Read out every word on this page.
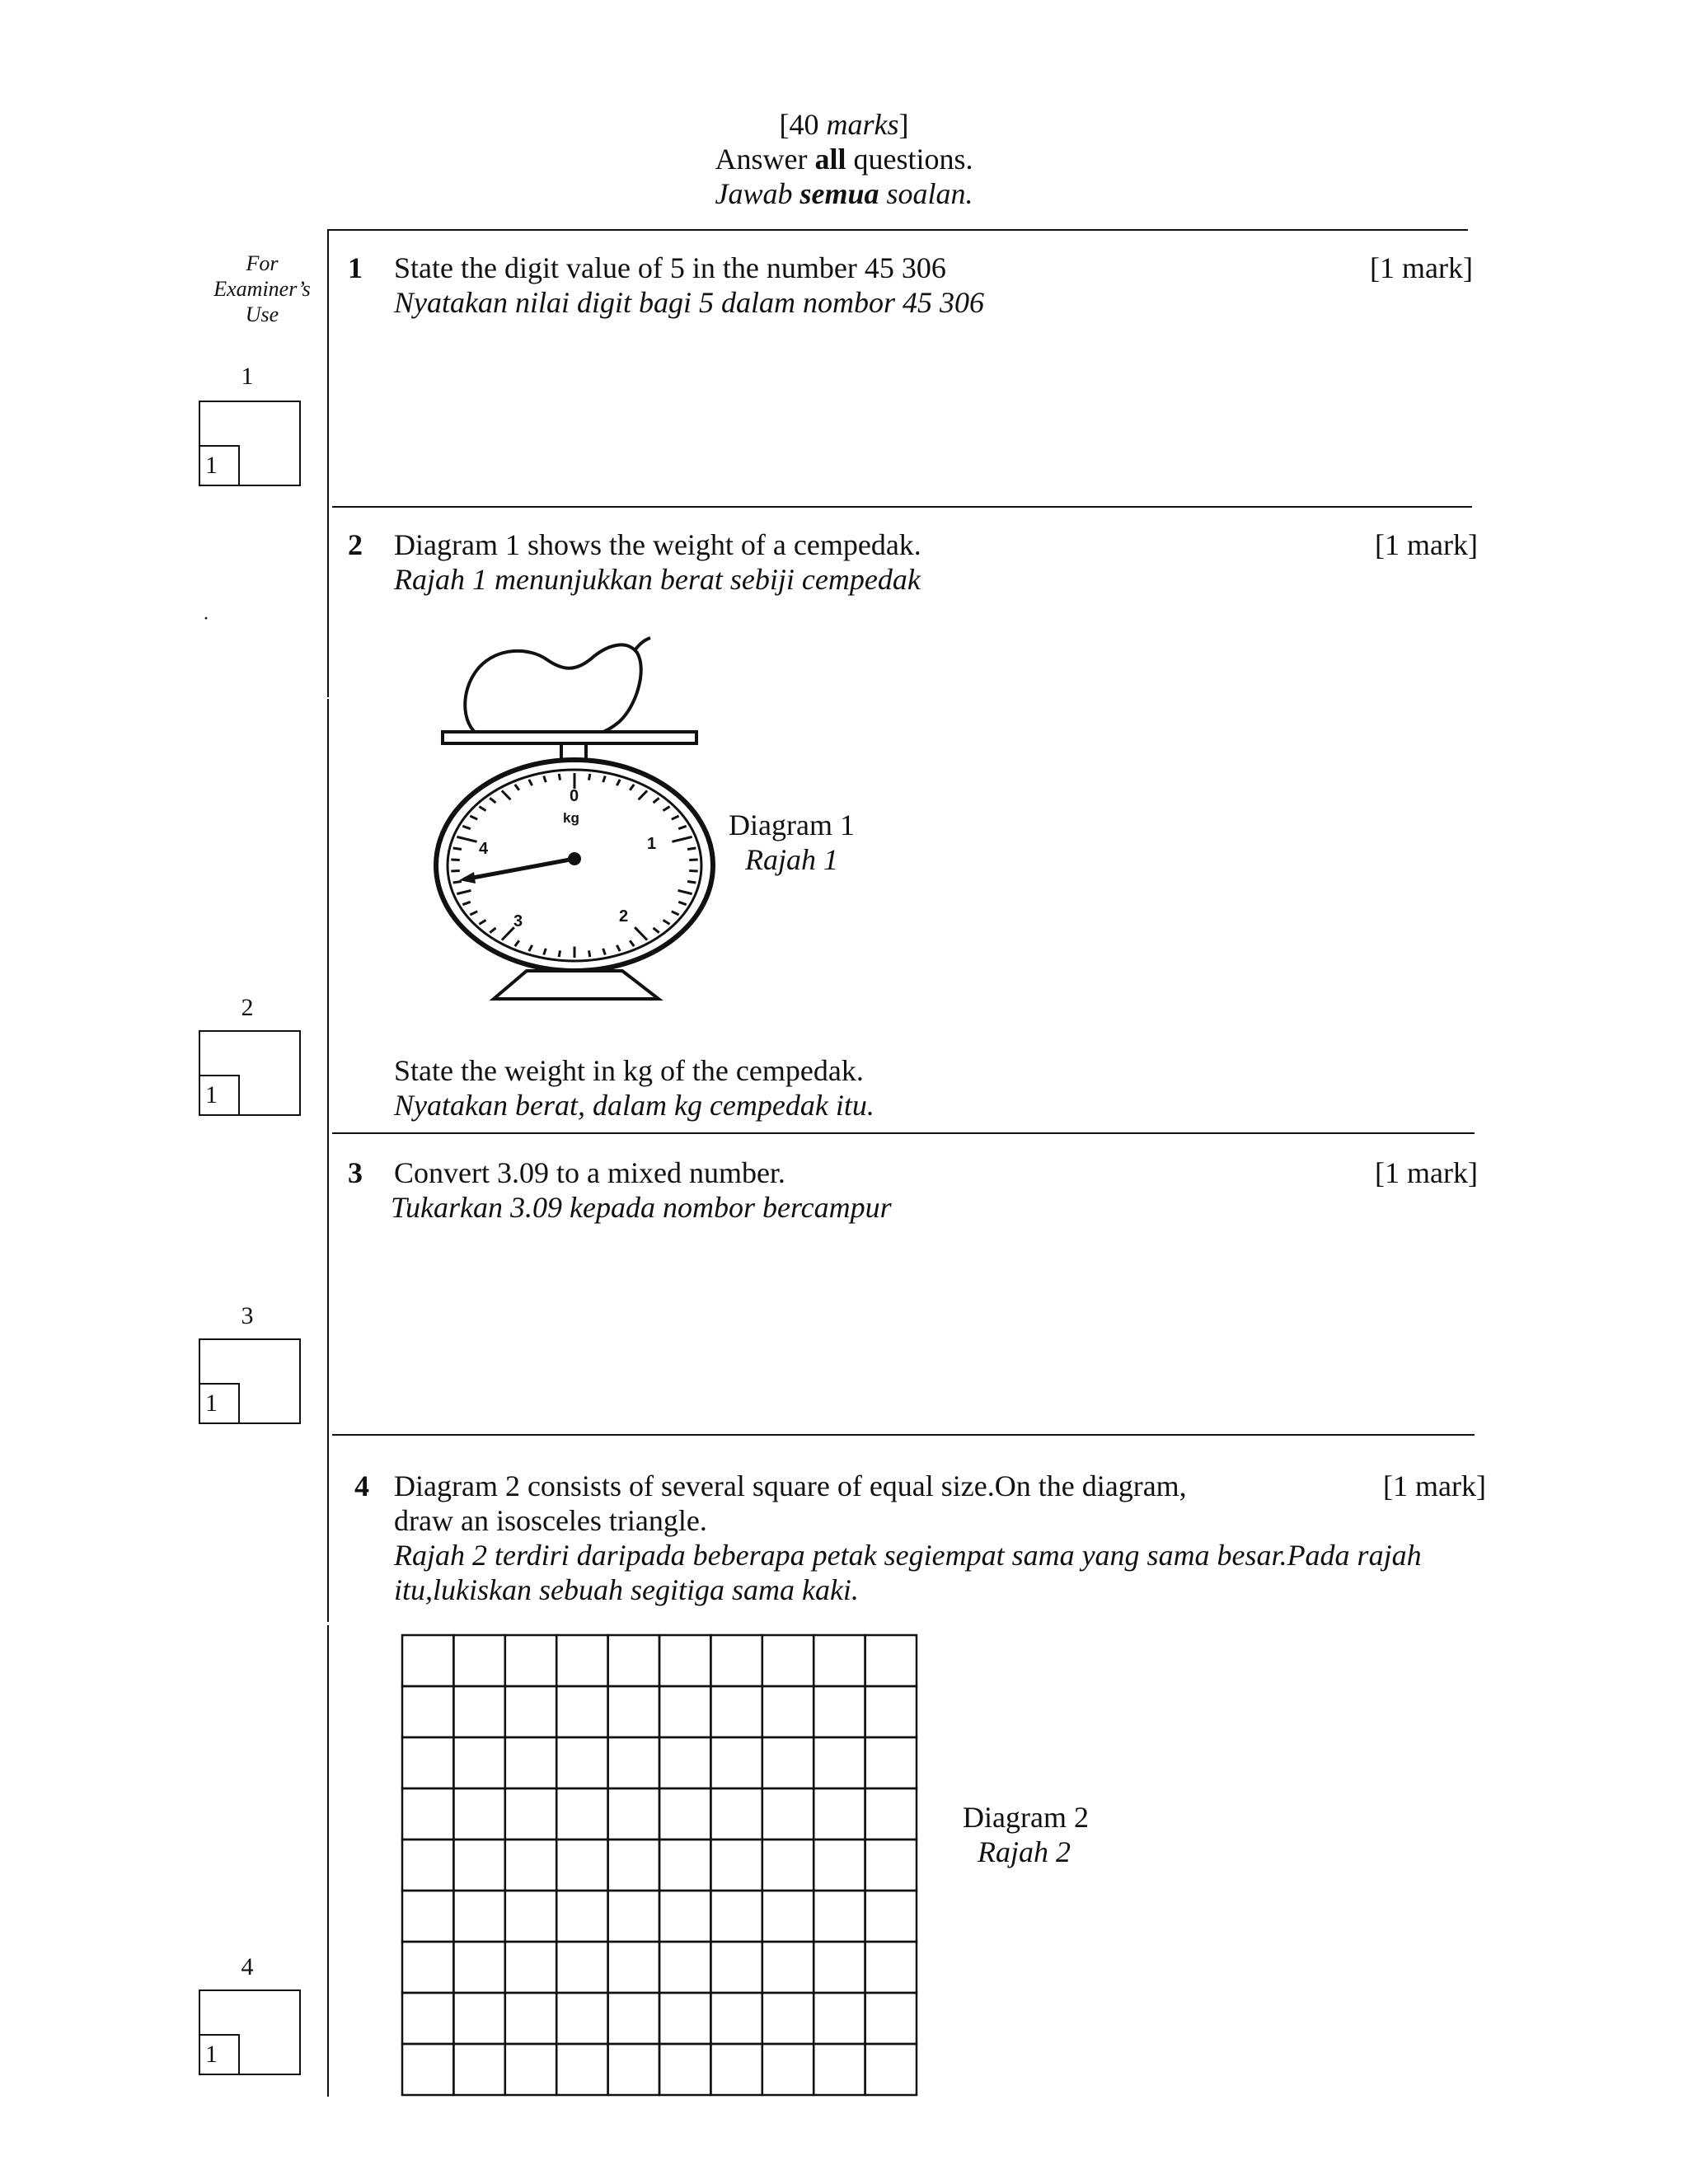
[40 marks]
Answer all questions.
Jawab semua soalan.
For
Examiner’s
Use
1
1
·
2
1
3
1
4
1
1 State the digit value of 5 in the number 45 306
Nyatakan nilai digit bagi 5 dalam nombor 45 306
[1 mark]
2 Diagram 1 shows the weight of a cempedak.
Rajah 1 menunjukkan berat sebiji cempedak
[1 mark]
0
kg
1
2
3
4
Diagram 1
Rajah 1
State the weight in kg of the cempedak.
Nyatakan berat, dalam kg cempedak itu.
3 Convert 3.09 to a mixed number.
Tukarkan 3.09 kepada nombor bercampur
[1 mark]
4 Diagram 2 consists of several square of equal size.On the diagram,
draw an isosceles triangle.
Rajah 2 terdiri daripada beberapa petak segiempat sama yang sama besar.Pada rajah
itu,lukiskan sebuah segitiga sama kaki.
[1 mark]
Diagram 2
Rajah 2
